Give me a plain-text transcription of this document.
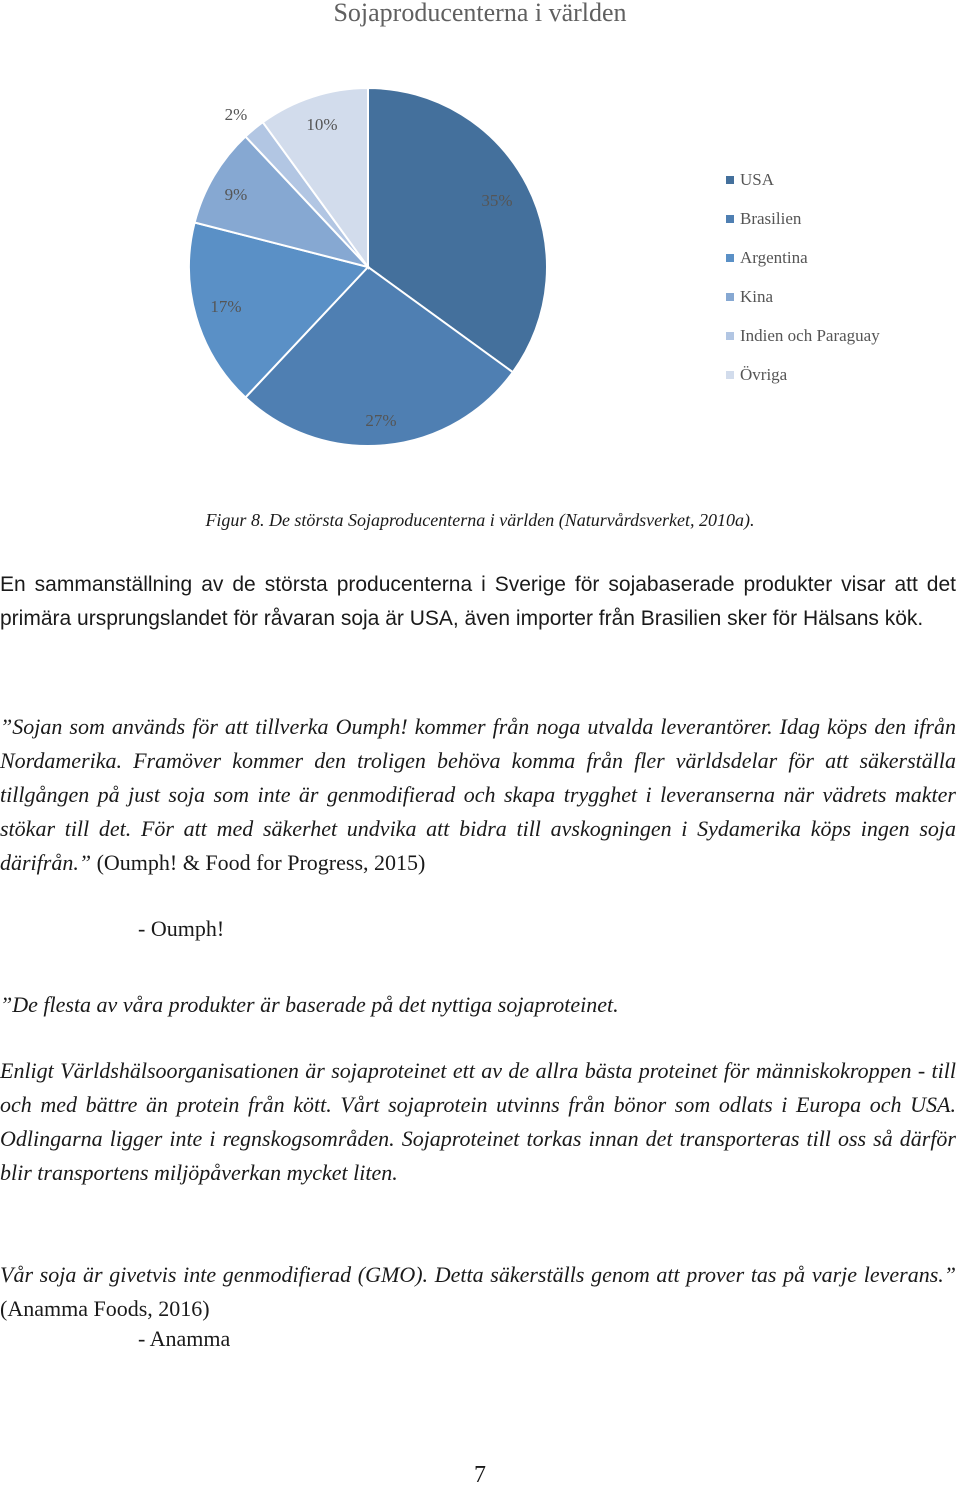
Sojaproducenterna i världen
35%
27%
17%
9%
2%
10%
USA
Brasilien
Argentina
Kina
Indien och Paraguay
Övriga
Figur 8. De största Sojaproducenterna i världen (Naturvårdsverket, 2010a).

En sammanställning av de största producenterna i Sverige för sojabaserade produkter visar att det primära ursprungslandet för råvaran soja är USA, även importer från Brasilien sker för Hälsans kök.

”Sojan som används för att tillverka Oumph! kommer från noga utvalda leverantörer. Idag köps den ifrån Nordamerika. Framöver kommer den troligen behöva komma från fler världsdelar för att säkerställa tillgången på just soja som inte är genmodifierad och skapa trygghet i leveranserna när vädrets makter stökar till det. För att med säkerhet undvika att bidra till avskogningen i Sydamerika köps ingen soja därifrån.” (Oumph! & Food for Progress, 2015)

- Oumph!

”De flesta av våra produkter är baserade på det nyttiga sojaproteinet.

Enligt Världshälsoorganisationen är sojaproteinet ett av de allra bästa proteinet för människokroppen - till och med bättre än protein från kött. Vårt sojaprotein utvinns från bönor som odlats i Europa och USA. Odlingarna ligger inte i regnskogsområden. Sojaproteinet torkas innan det transporteras till oss så därför blir transportens miljöpåverkan mycket liten.

Vår soja är givetvis inte genmodifierad (GMO). Detta säkerställs genom att prover tas på varje leverans.” (Anamma Foods, 2016)

- Anamma
7
